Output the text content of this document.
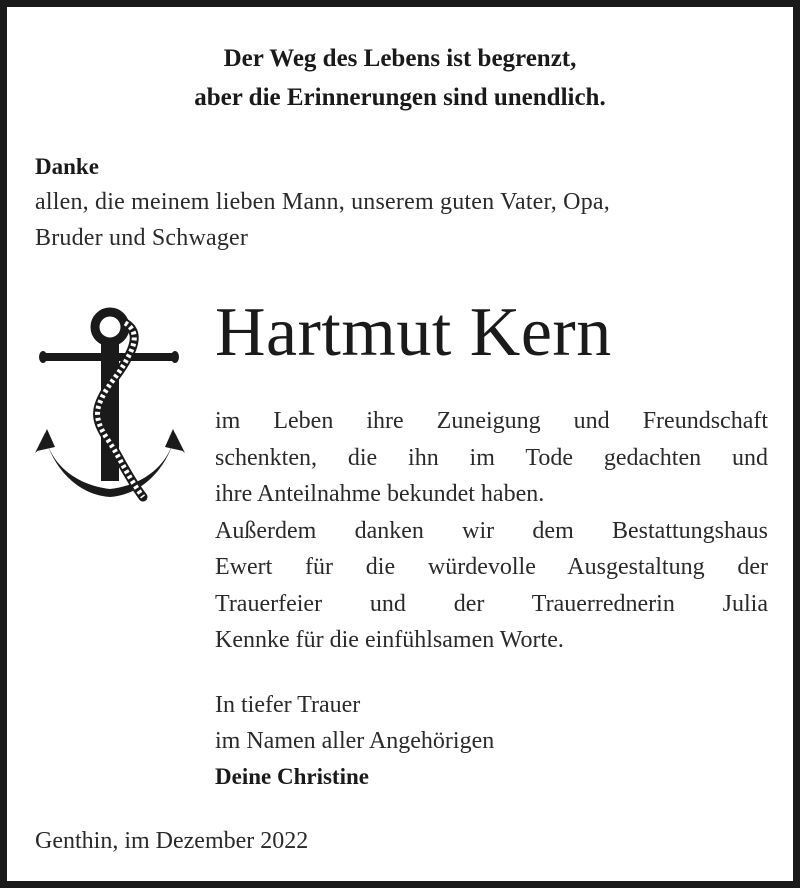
Der Weg des Lebens ist begrenzt,
aber die Erinnerungen sind unendlich.
Danke
allen, die meinem lieben Mann, unserem guten Vater, Opa,
Bruder und Schwager
Hartmut Kern
im Leben ihre Zuneigung und Freundschaft
schenkten, die ihn im Tode gedachten und
ihre Anteilnahme bekundet haben.
Außerdem danken wir dem Bestattungshaus
Ewert für die würdevolle Ausgestaltung der
Trauerfeier und der Trauerrednerin Julia
Kennke für die einfühlsamen Worte.
In tiefer Trauer
im Namen aller Angehörigen
Deine Christine
Genthin, im Dezember 2022
